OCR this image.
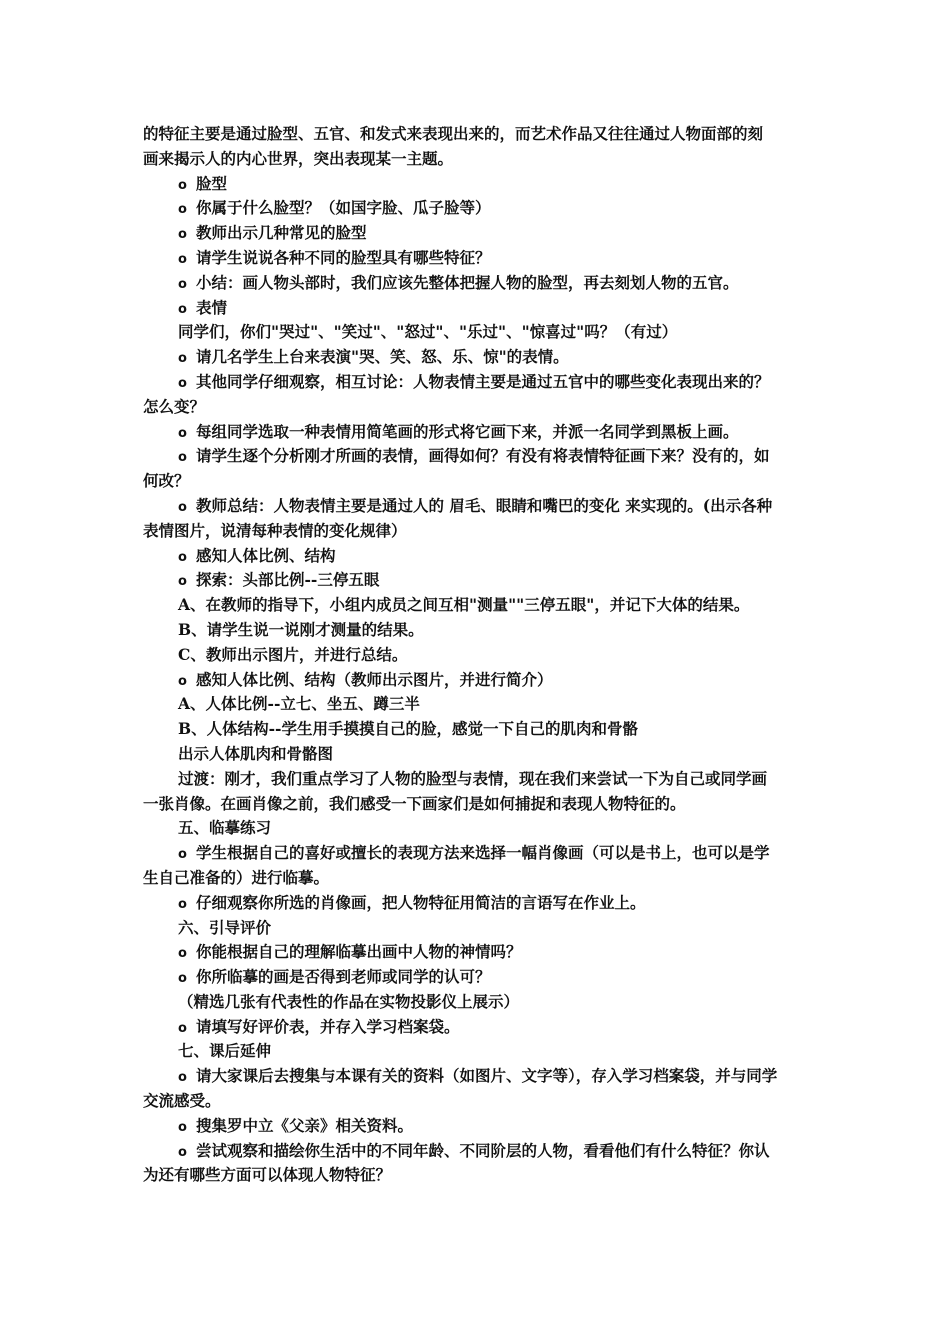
的特征主要是通过脸型、五官、和发式来表现出来的，而艺术作品又往往通过人物面部的刻
画来揭示人的内心世界，突出表现某一主题。
o 脸型
o 你属于什么脸型？（如国字脸、瓜子脸等）
o 教师出示几种常见的脸型
o 请学生说说各种不同的脸型具有哪些特征？
o 小结：画人物头部时，我们应该先整体把握人物的脸型，再去刻划人物的五官。
o 表情
同学们，你们"哭过"、"笑过"、"怒过"、"乐过"、"惊喜过"吗？（有过）
o 请几名学生上台来表演"哭、笑、怒、乐、惊"的表情。
o 其他同学仔细观察，相互讨论：人物表情主要是通过五官中的哪些变化表现出来的？
怎么变？
o 每组同学选取一种表情用简笔画的形式将它画下来，并派一名同学到黑板上画。
o 请学生逐个分析刚才所画的表情，画得如何？有没有将表情特征画下来？没有的，如
何改？
o 教师总结：人物表情主要是通过人的 眉毛、眼睛和嘴巴的变化 来实现的。(出示各种
表情图片，说清每种表情的变化规律）
o 感知人体比例、结构
o 探索：头部比例--三停五眼
A、在教师的指导下，小组内成员之间互相"测量""三停五眼"，并记下大体的结果。
B、请学生说一说刚才测量的结果。
C、教师出示图片，并进行总结。
o 感知人体比例、结构（教师出示图片，并进行简介）
A、人体比例--立七、坐五、蹲三半
B、人体结构--学生用手摸摸自己的脸，感觉一下自己的肌肉和骨骼
出示人体肌肉和骨骼图
过渡：刚才，我们重点学习了人物的脸型与表情，现在我们来尝试一下为自己或同学画
一张肖像。在画肖像之前，我们感受一下画家们是如何捕捉和表现人物特征的。
五、临摹练习
o 学生根据自己的喜好或擅长的表现方法来选择一幅肖像画（可以是书上，也可以是学
生自己准备的）进行临摹。
o 仔细观察你所选的肖像画，把人物特征用简洁的言语写在作业上。
六、引导评价
o 你能根据自己的理解临摹出画中人物的神情吗？
o 你所临摹的画是否得到老师或同学的认可？
（精选几张有代表性的作品在实物投影仪上展示）
o 请填写好评价表，并存入学习档案袋。
七、课后延伸
o 请大家课后去搜集与本课有关的资料（如图片、文字等），存入学习档案袋，并与同学
交流感受。
o 搜集罗中立《父亲》相关资料。
o 尝试观察和描绘你生活中的不同年龄、不同阶层的人物，看看他们有什么特征？你认
为还有哪些方面可以体现人物特征？
